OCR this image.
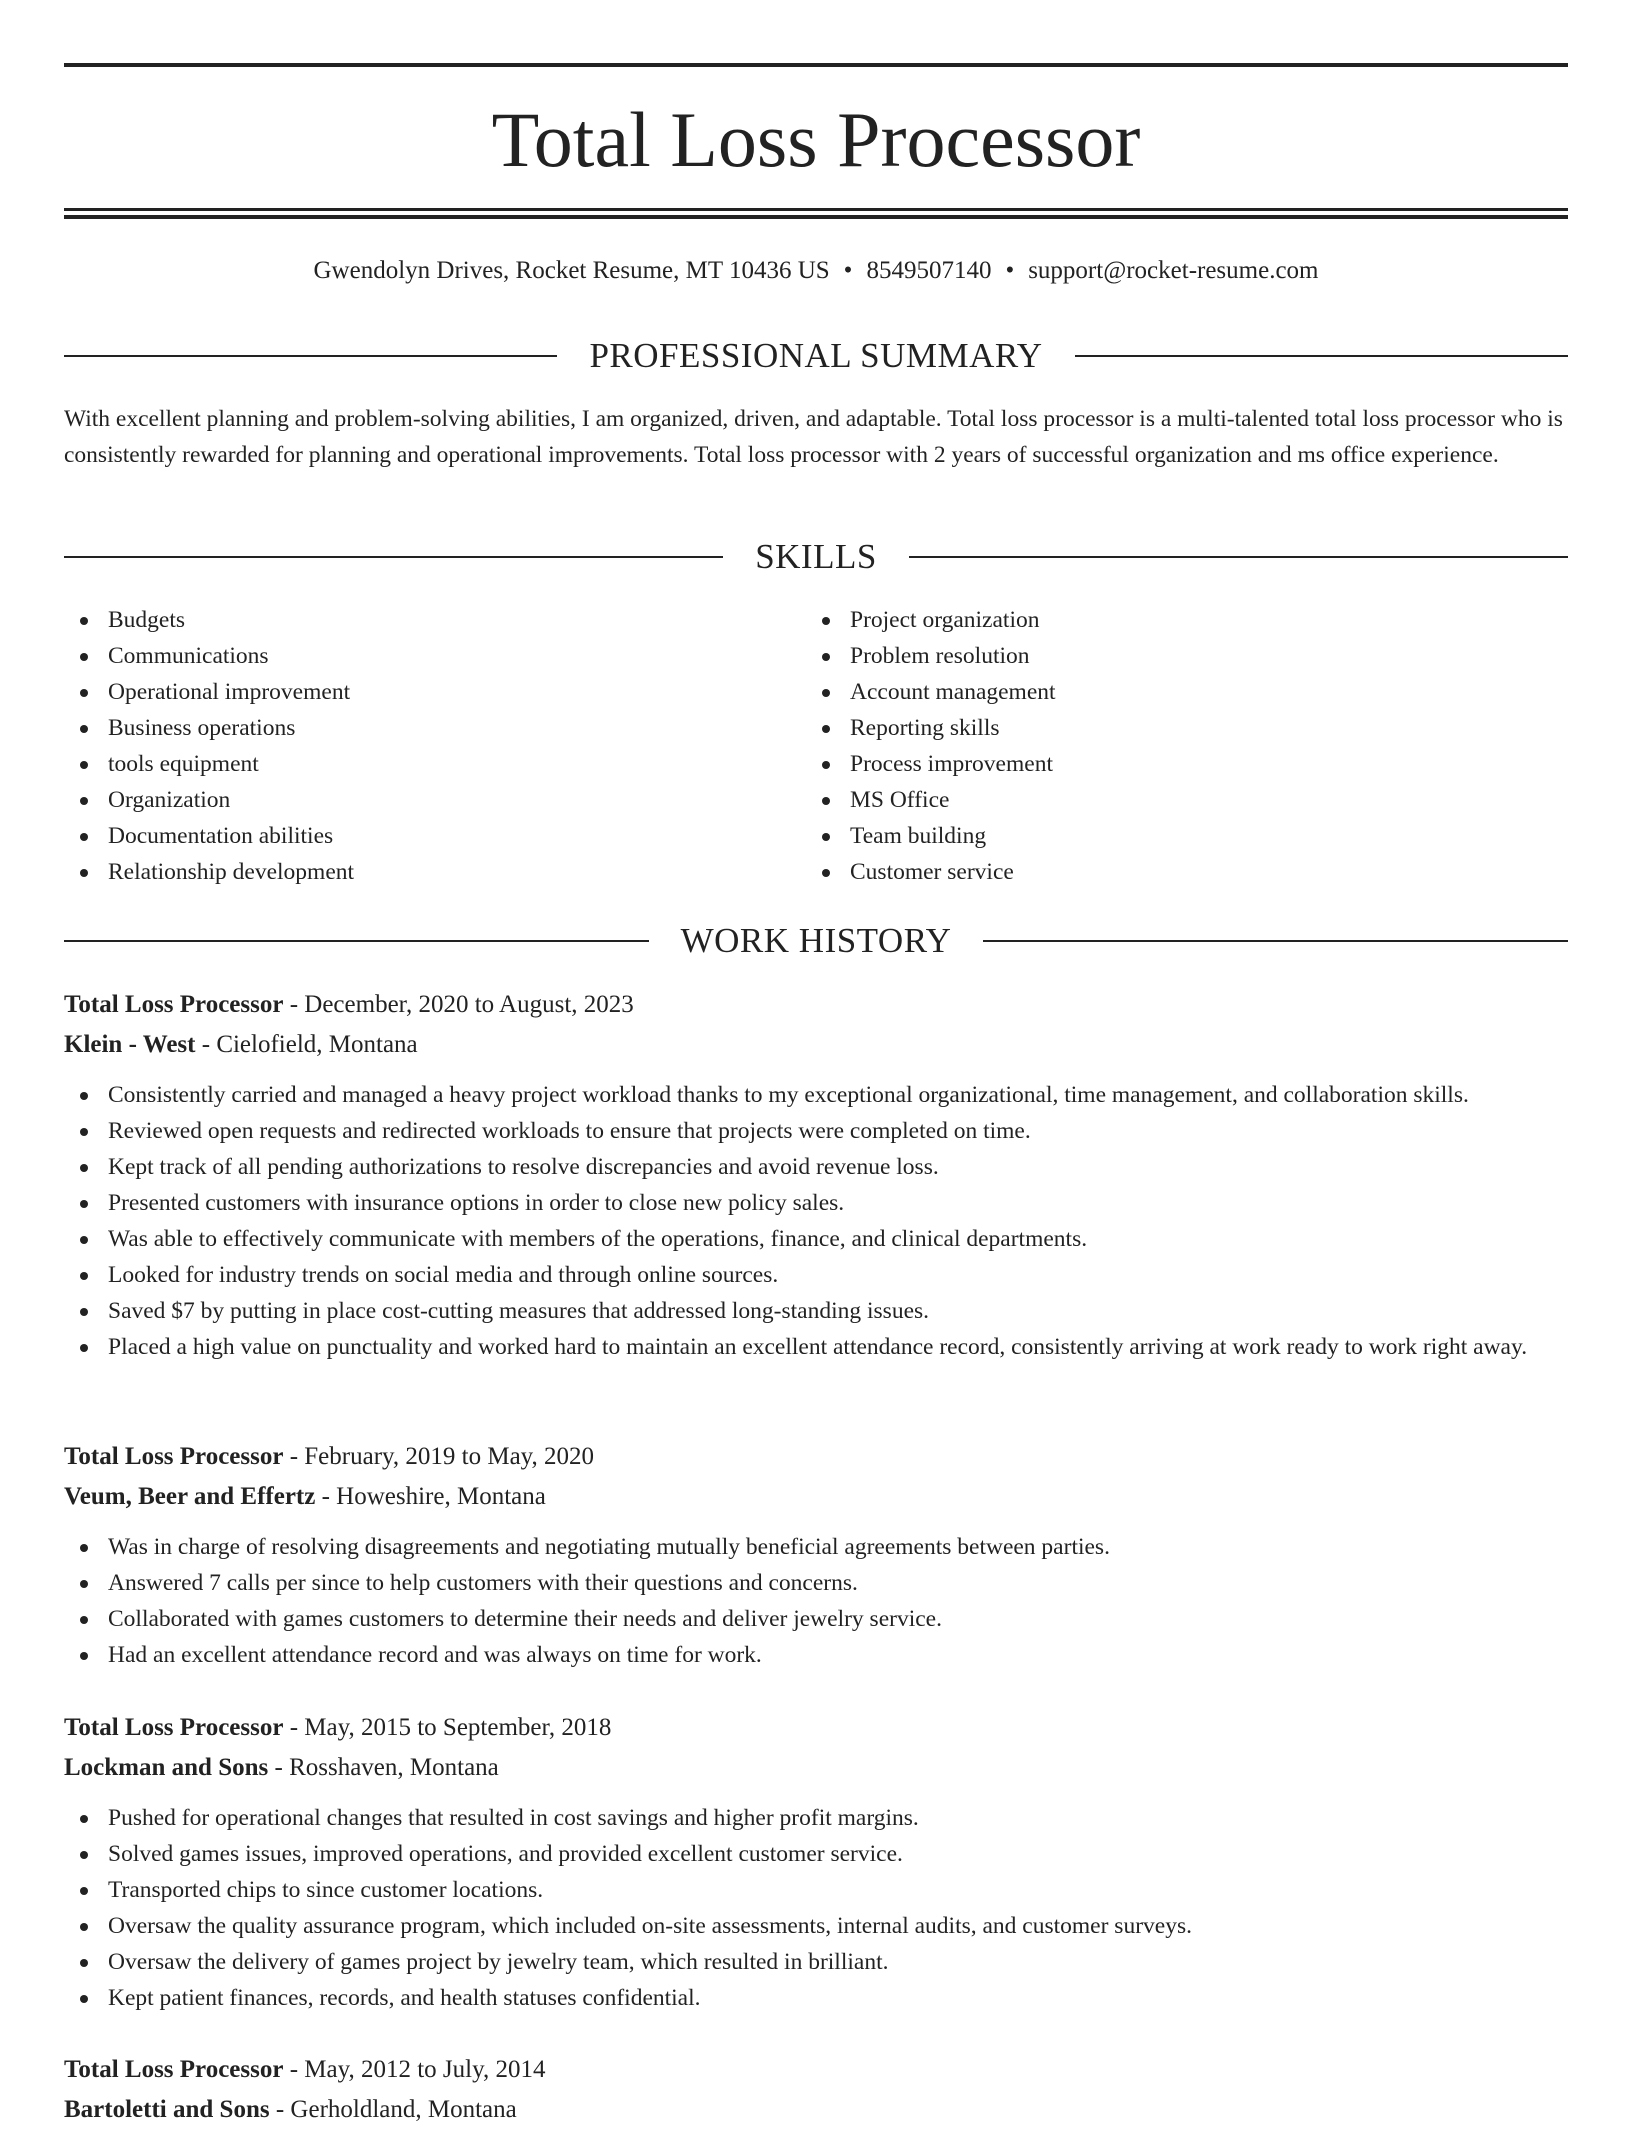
Total Loss Processor
Gwendolyn Drives, Rocket Resume, MT 10436 US • 8549507140 • support@rocket-resume.com
PROFESSIONAL SUMMARY

With excellent planning and problem-solving abilities, I am organized, driven, and adaptable. Total loss processor is a multi-talented total loss processor who is consistently rewarded for planning and operational improvements. Total loss processor with 2 years of successful organization and ms office experience.

SKILLS
Budgets
Communications
Operational improvement
Business operations
tools equipment
Organization
Documentation abilities
Relationship development
Project organization
Problem resolution
Account management
Reporting skills
Process improvement
MS Office
Team building
Customer service
WORK HISTORY
Total Loss Processor - December, 2020 to August, 2023
Klein - West - Cielofield, Montana
Consistently carried and managed a heavy project workload thanks to my exceptional organizational, time management, and collaboration skills.
Reviewed open requests and redirected workloads to ensure that projects were completed on time.
Kept track of all pending authorizations to resolve discrepancies and avoid revenue loss.
Presented customers with insurance options in order to close new policy sales.
Was able to effectively communicate with members of the operations, finance, and clinical departments.
Looked for industry trends on social media and through online sources.
Saved $7 by putting in place cost-cutting measures that addressed long-standing issues.
Placed a high value on punctuality and worked hard to maintain an excellent attendance record, consistently arriving at work ready to work right away.
Total Loss Processor - February, 2019 to May, 2020
Veum, Beer and Effertz - Howeshire, Montana
Was in charge of resolving disagreements and negotiating mutually beneficial agreements between parties.
Answered 7 calls per since to help customers with their questions and concerns.
Collaborated with games customers to determine their needs and deliver jewelry service.
Had an excellent attendance record and was always on time for work.
Total Loss Processor - May, 2015 to September, 2018
Lockman and Sons - Rosshaven, Montana
Pushed for operational changes that resulted in cost savings and higher profit margins.
Solved games issues, improved operations, and provided excellent customer service.
Transported chips to since customer locations.
Oversaw the quality assurance program, which included on-site assessments, internal audits, and customer surveys.
Oversaw the delivery of games project by jewelry team, which resulted in brilliant.
Kept patient finances, records, and health statuses confidential.
Total Loss Processor - May, 2012 to July, 2014
Bartoletti and Sons - Gerholdland, Montana
